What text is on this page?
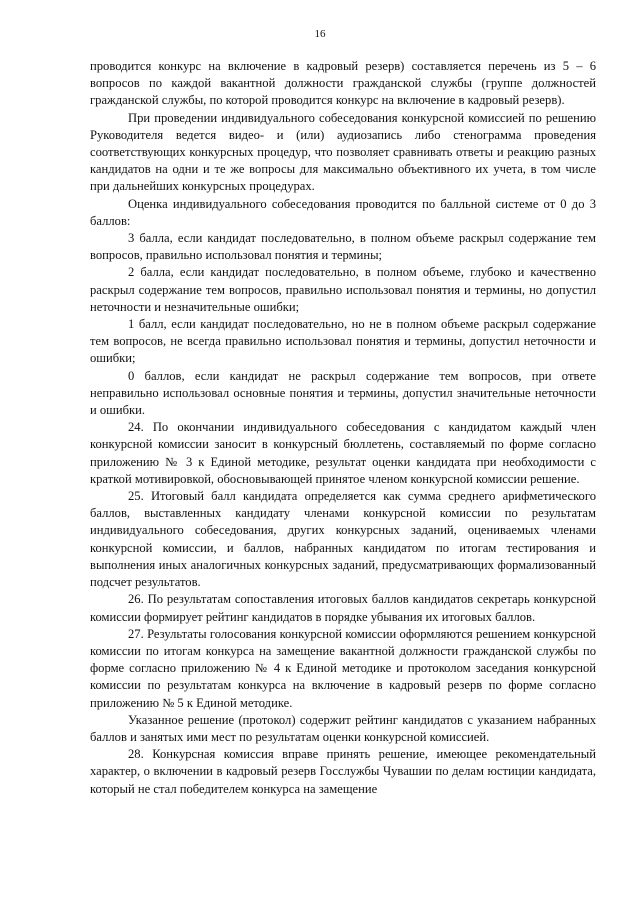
16

проводится конкурс на включение в кадровый резерв) составляется перечень из 5 – 6 вопросов по каждой вакантной должности гражданской службы (группе должностей гражданской службы, по которой проводится конкурс на включение в кадровый резерв).

При проведении индивидуального собеседования конкурсной комиссией по решению Руководителя ведется видео- и (или) аудиозапись либо стенограмма проведения соответствующих конкурсных процедур, что позволяет сравнивать ответы и реакцию разных кандидатов на одни и те же вопросы для максимально объективного их учета, в том числе при дальнейших конкурсных процедурах.

Оценка индивидуального собеседования проводится по балльной системе от 0 до 3 баллов:

3 балла, если кандидат последовательно, в полном объеме раскрыл содержание тем вопросов, правильно использовал понятия и термины;

2 балла, если кандидат последовательно, в полном объеме, глубоко и качественно раскрыл содержание тем вопросов, правильно использовал понятия и термины, но допустил неточности и незначительные ошибки;

1 балл, если кандидат последовательно, но не в полном объеме раскрыл содержание тем вопросов, не всегда правильно использовал понятия и термины, допустил неточности и ошибки;

0 баллов, если кандидат не раскрыл содержание тем вопросов, при ответе неправильно использовал основные понятия и термины, допустил значительные неточности и ошибки.

24. По окончании индивидуального собеседования с кандидатом каждый член конкурсной комиссии заносит в конкурсный бюллетень, составляемый по форме согласно приложению № 3 к Единой методике, результат оценки кандидата при необходимости с краткой мотивировкой, обосновывающей принятое членом конкурсной комиссии решение.

25. Итоговый балл кандидата определяется как сумма среднего арифметического баллов, выставленных кандидату членами конкурсной комиссии по результатам индивидуального собеседования, других конкурсных заданий, оцениваемых членами конкурсной комиссии, и баллов, набранных кандидатом по итогам тестирования и выполнения иных аналогичных конкурсных заданий, предусматривающих формализованный подсчет результатов.

26. По результатам сопоставления итоговых баллов кандидатов секретарь конкурсной комиссии формирует рейтинг кандидатов в порядке убывания их итоговых баллов.

27. Результаты голосования конкурсной комиссии оформляются решением конкурсной комиссии по итогам конкурса на замещение вакантной должности гражданской службы по форме согласно приложению № 4 к Единой методике и протоколом заседания конкурсной комиссии по результатам конкурса на включение в кадровый резерв по форме согласно приложению № 5 к Единой методике.

Указанное решение (протокол) содержит рейтинг кандидатов с указанием набранных баллов и занятых ими мест по результатам оценки конкурсной комиссией.

28. Конкурсная комиссия вправе принять решение, имеющее рекомендательный характер, о включении в кадровый резерв Госслужбы Чувашии по делам юстиции кандидата, который не стал победителем конкурса на замещение
